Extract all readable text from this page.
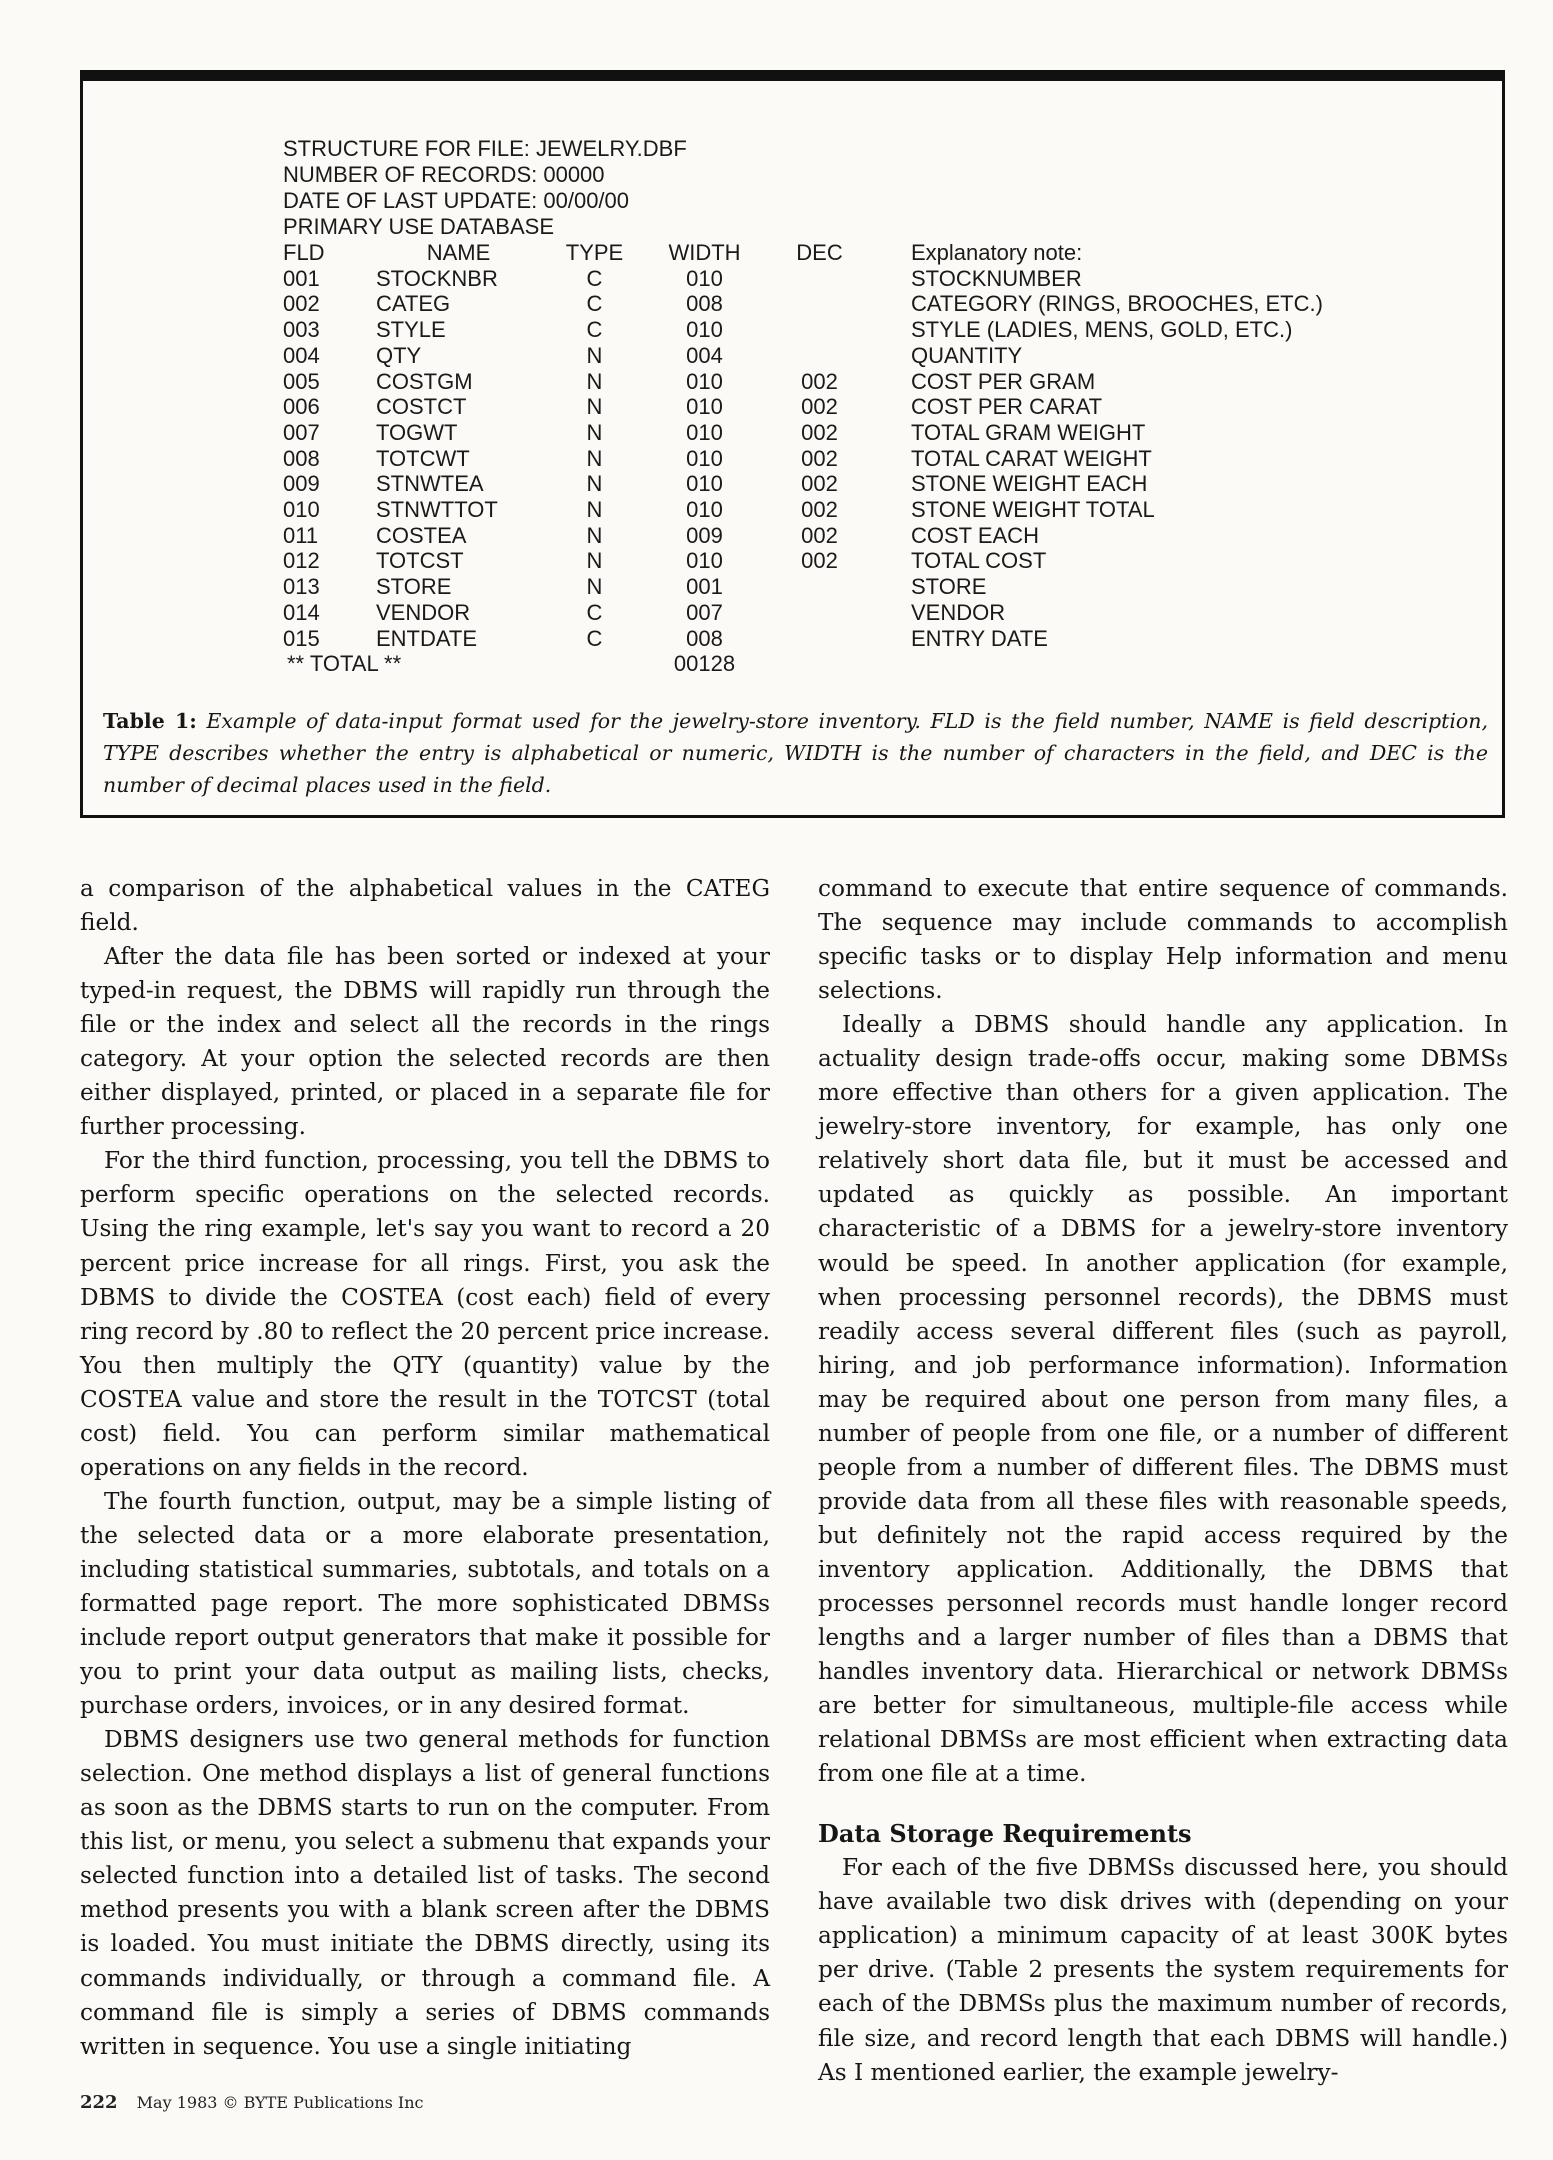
STRUCTURE FOR FILE: JEWELRY.DBF
NUMBER OF RECORDS: 00000
DATE OF LAST UPDATE: 00/00/00
PRIMARY USE DATABASE
FLD	NAME	TYPE	WIDTH	DEC	Explanatory note:
001	STOCKNBR	C	010		STOCKNUMBER
002	CATEG	C	008		CATEGORY (RINGS, BROOCHES, ETC.)
003	STYLE	C	010		STYLE (LADIES, MENS, GOLD, ETC.)
004	QTY	N	004		QUANTITY
005	COSTGM	N	010	002	COST PER GRAM
006	COSTCT	N	010	002	COST PER CARAT
007	TOGWT	N	010	002	TOTAL GRAM WEIGHT
008	TOTCWT	N	010	002	TOTAL CARAT WEIGHT
009	STNWTEA	N	010	002	STONE WEIGHT EACH
010	STNWTTOT	N	010	002	STONE WEIGHT TOTAL
011	COSTEA	N	009	002	COST EACH
012	TOTCST	N	010	002	TOTAL COST
013	STORE	N	001		STORE
014	VENDOR	C	007		VENDOR
015	ENTDATE	C	008		ENTRY DATE
** TOTAL **			00128		
Table 1: Example of data-input format used for the jewelry-store inventory. FLD is the field number, NAME is field description, TYPE describes whether the entry is alphabetical or numeric, WIDTH is the number of characters in the field, and DEC is the number of decimal places used in the field.

a comparison of the alphabetical values in the CATEG field.

After the data file has been sorted or indexed at your typed-in request, the DBMS will rapidly run through the file or the index and select all the records in the rings category. At your option the selected records are then either displayed, printed, or placed in a separate file for further processing.

For the third function, processing, you tell the DBMS to perform specific operations on the selected records. Using the ring example, let's say you want to record a 20 percent price increase for all rings. First, you ask the DBMS to divide the COSTEA (cost each) field of every ring record by .80 to reflect the 20 percent price increase. You then multiply the QTY (quantity) value by the COSTEA value and store the result in the TOTCST (total cost) field. You can perform similar mathematical operations on any fields in the record.

The fourth function, output, may be a simple listing of the selected data or a more elaborate presentation, including statistical summaries, subtotals, and totals on a formatted page report. The more sophisticated DBMSs include report output generators that make it possible for you to print your data output as mailing lists, checks, purchase orders, invoices, or in any desired format.

DBMS designers use two general methods for function selection. One method displays a list of general functions as soon as the DBMS starts to run on the computer. From this list, or menu, you select a submenu that expands your selected function into a detailed list of tasks. The second method presents you with a blank screen after the DBMS is loaded. You must initiate the DBMS directly, using its commands individually, or through a command file. A command file is simply a series of DBMS commands written in sequence. You use a single initiating

command to execute that entire sequence of commands. The sequence may include commands to accomplish specific tasks or to display Help information and menu selections.

Ideally a DBMS should handle any application. In actuality design trade-offs occur, making some DBMSs more effective than others for a given application. The jewelry-store inventory, for example, has only one relatively short data file, but it must be accessed and updated as quickly as possible. An important characteristic of a DBMS for a jewelry-store inventory would be speed. In another application (for example, when processing personnel records), the DBMS must readily access several different files (such as payroll, hiring, and job performance information). Information may be required about one person from many files, a number of people from one file, or a number of different people from a number of different files. The DBMS must provide data from all these files with reasonable speeds, but definitely not the rapid access required by the inventory application. Additionally, the DBMS that processes personnel records must handle longer record lengths and a larger number of files than a DBMS that handles inventory data. Hierarchical or network DBMSs are better for simultaneous, multiple-file access while relational DBMSs are most efficient when extracting data from one file at a time.

Data Storage Requirements

For each of the five DBMSs discussed here, you should have available two disk drives with (depending on your application) a minimum capacity of at least 300K bytes per drive. (Table 2 presents the system requirements for each of the DBMSs plus the maximum number of records, file size, and record length that each DBMS will handle.) As I mentioned earlier, the example jewelry-

222 May 1983 © BYTE Publications Inc
